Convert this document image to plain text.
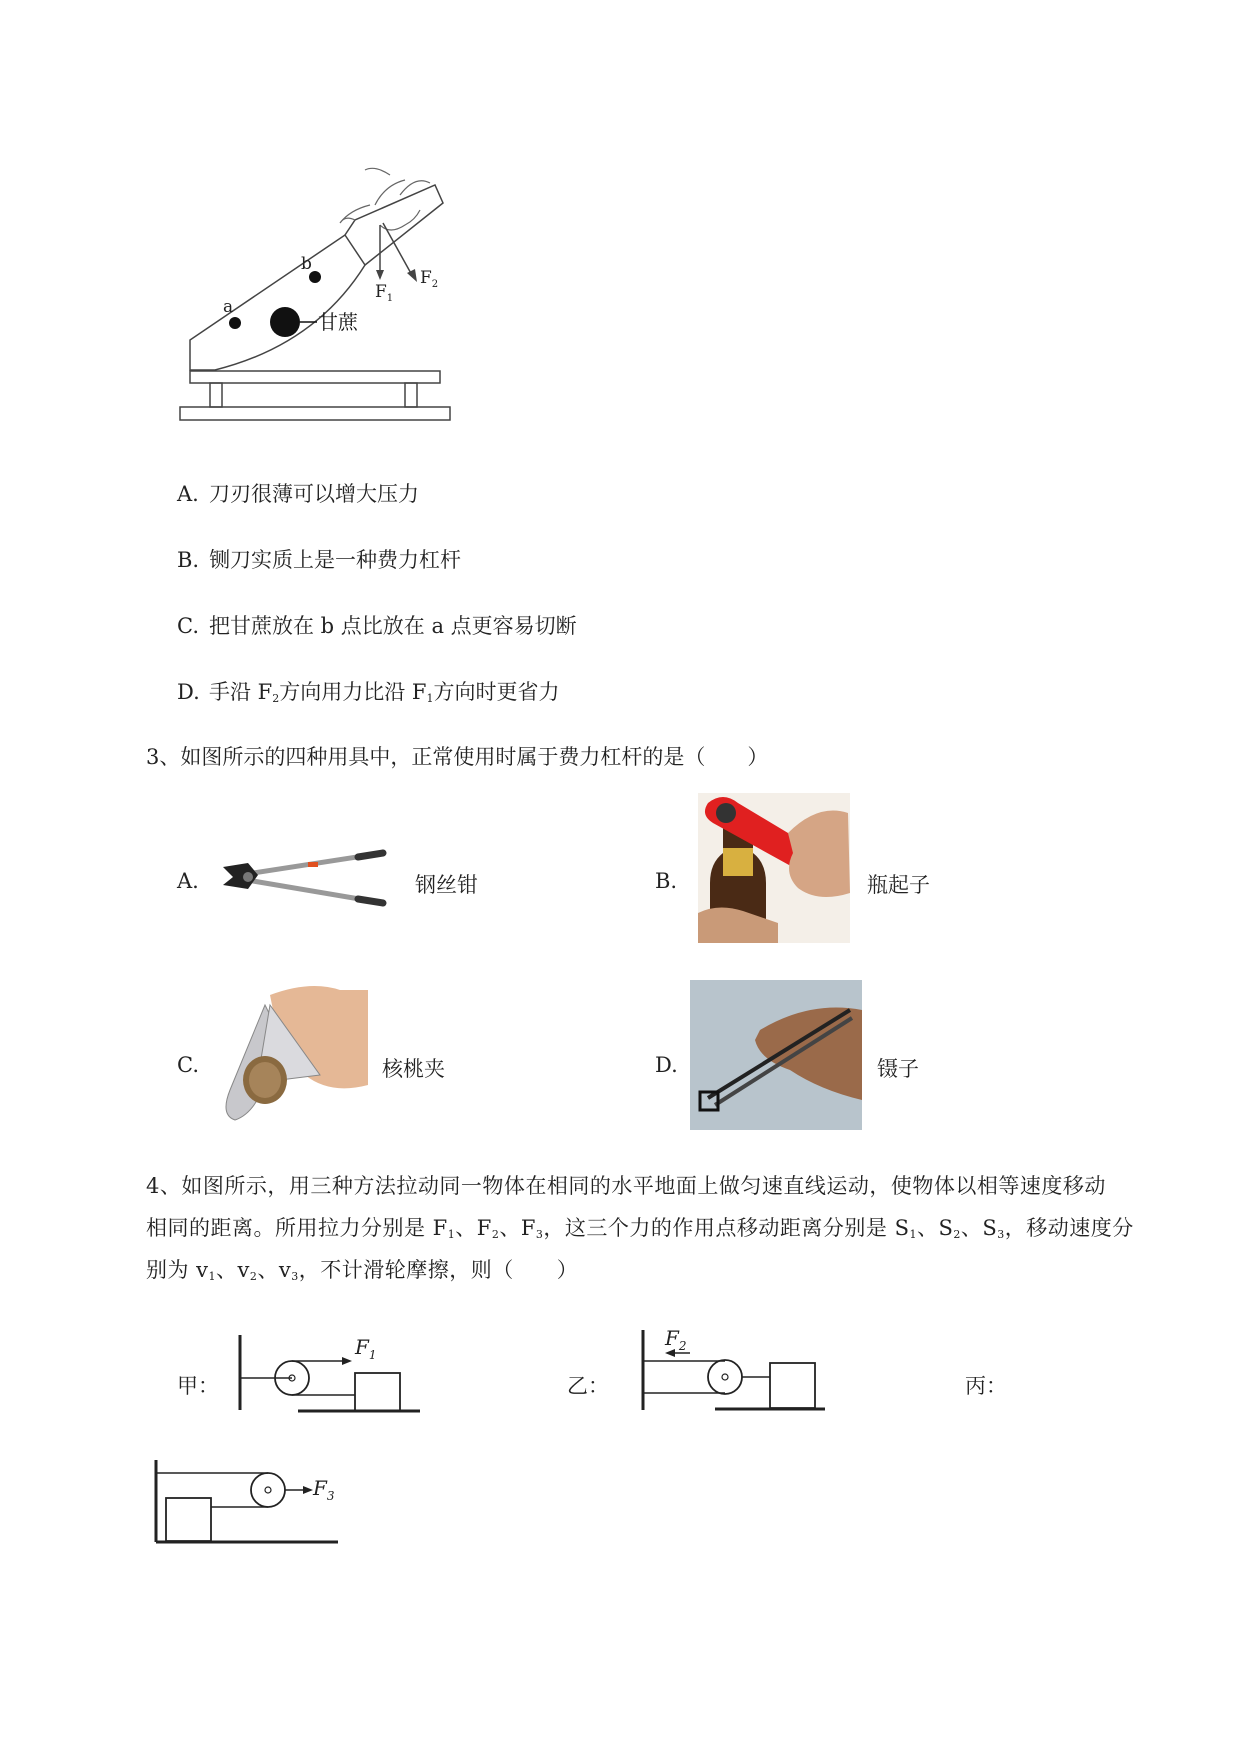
a
b
甘蔗
$F_1$
$F_2$
A. 刀刃很薄可以增大压力
B. 铡刀实质上是一种费力杠杆
C. 把甘蔗放在 b 点比放在 a 点更容易切断
D. 手沿 $F_2$方向用力比沿 $F_1$方向时更省力
3、如图所示的四种用具中，正常使用时属于费力杠杆的是（　　）
A.	钢丝钳	B.	瓶起子
C.	核桃夹	D.	镊子
4、如图所示，用三种方法拉动同一物体在相同的水平地面上做匀速直线运动，使物体以相等速度移动
相同的距离。所用拉力分别是 $F_1$、$F_2$、$F_3$，这三个力的作用点移动距离分别是 $S_1$、$S_2$、$S_3$，移动速度分
别为 $v_1$、$v_2$、$v_3$，不计滑轮摩擦，则（　　）
甲：	乙：	丙：
$F_1$
$F_2$
$F_3$
